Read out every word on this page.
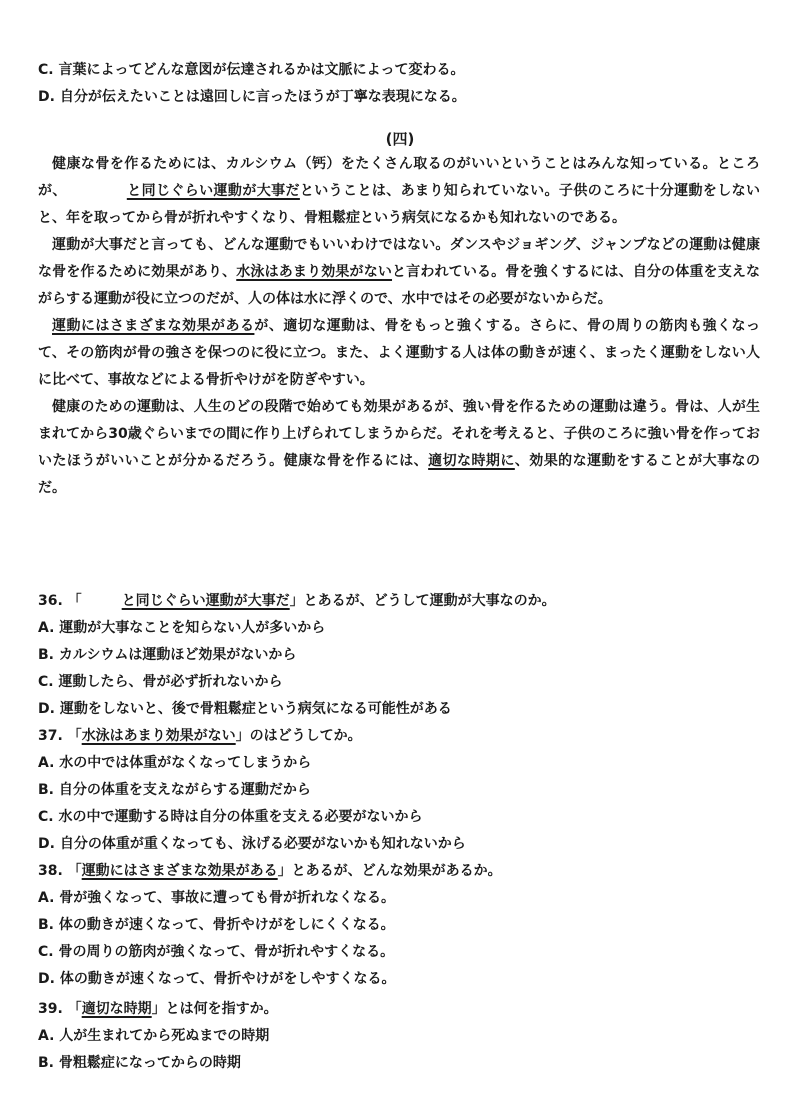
C. 言葉によってどんな意図が伝達されるかは文脈によって変わる。
D. 自分が伝えたいことは遠回しに言ったほうが丁寧な表現になる。
(四)

健康な骨を作るためには、カルシウム（钙）をたくさん取るのがいいということはみんな知っている。ところが、	と同じぐらい運動が大事だということは、あまり知られていない。子供のころに十分運動をしないと、年を取ってから骨が折れやすくなり、骨粗鬆症という病気になるかも知れないのである。

運動が大事だと言っても、どんな運動でもいいわけではない。ダンスやジョギング、ジャンプなどの運動は健康な骨を作るために効果があり、水泳はあまり効果がないと言われている。骨を強くするには、自分の体重を支えながらする運動が役に立つのだが、人の体は水に浮くので、水中ではその必要がないからだ。

運動にはさまざまな効果があるが、適切な運動は、骨をもっと強くする。さらに、骨の周りの筋肉も強くなって、その筋肉が骨の強さを保つのに役に立つ。また、よく運動する人は体の動きが速く、まったく運動をしない人に比べて、事故などによる骨折やけがを防ぎやすい。

健康のための運動は、人生のどの段階で始めても効果があるが、強い骨を作るための運動は違う。骨は、人が生まれてから30歳ぐらいまでの間に作り上げられてしまうからだ。それを考えると、子供のころに強い骨を作っておいたほうがいいことが分かるだろう。健康な骨を作るには、適切な時期に、効果的な運動をすることが大事なのだ。

36. 「	と同じぐらい運動が大事だ」とあるが、どうして運動が大事なのか。
A. 運動が大事なことを知らない人が多いから
B. カルシウムは運動ほど効果がないから
C. 運動したら、骨が必ず折れないから
D. 運動をしないと、後で骨粗鬆症という病気になる可能性がある
37. 「水泳はあまり効果がない」のはどうしてか。
A. 水の中では体重がなくなってしまうから
B. 自分の体重を支えながらする運動だから
C. 水の中で運動する時は自分の体重を支える必要がないから
D. 自分の体重が重くなっても、泳げる必要がないかも知れないから
38. 「運動にはさまざまな効果がある」とあるが、どんな効果があるか。
A. 骨が強くなって、事故に遭っても骨が折れなくなる。
B. 体の動きが速くなって、骨折やけがをしにくくなる。
C. 骨の周りの筋肉が強くなって、骨が折れやすくなる。
D. 体の動きが速くなって、骨折やけがをしやすくなる。
39. 「適切な時期」とは何を指すか。
A. 人が生まれてから死ぬまでの時期
B. 骨粗鬆症になってからの時期
